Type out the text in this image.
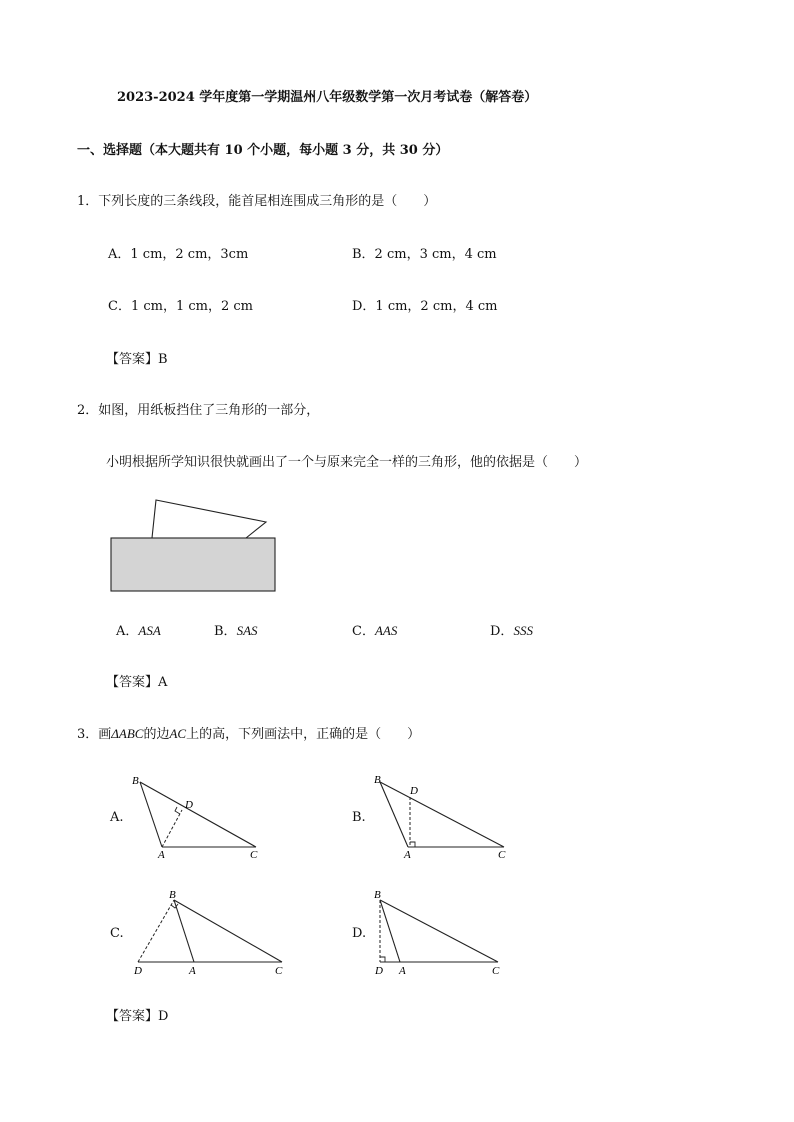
2023-2024 学年度第一学期温州八年级数学第一次月考试卷（解答卷）
一、选择题（本大题共有 10 个小题，每小题 3 分，共 30 分）
1．下列长度的三条线段，能首尾相连围成三角形的是（　　）
A．1 cm，2 cm，3cm	B．2 cm，3 cm，4 cm
C．1 cm，1 cm，2 cm	D．1 cm，2 cm，4 cm
【答案】B
2．如图，用纸板挡住了三角形的一部分，
小明根据所学知识很快就画出了一个与原来完全一样的三角形，他的依据是（　　）
A．ASA	B．SAS	C．AAS	D．SSS
【答案】A
3．画ΔABC的边AC上的高，下列画法中，正确的是（　　）
A.
B
D
A	C
B.
B
D
A	C
C.
B
D	A	C
D.
B
D A	C
【答案】D
